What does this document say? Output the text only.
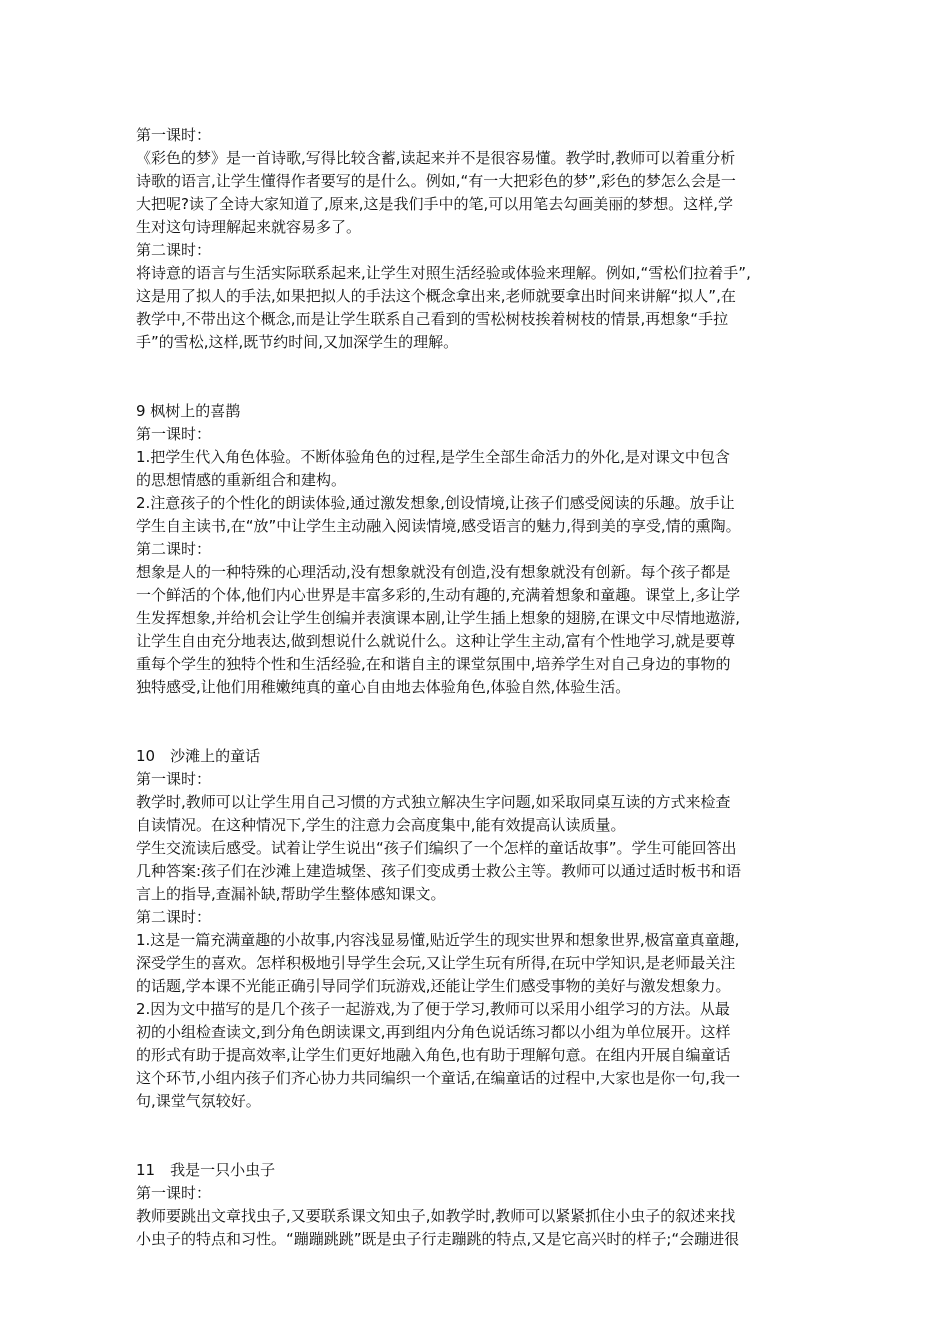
第一课时：
《彩色的梦》是一首诗歌,写得比较含蓄,读起来并不是很容易懂。教学时,教师可以着重分析
诗歌的语言,让学生懂得作者要写的是什么。例如,“有一大把彩色的梦”,彩色的梦怎么会是一
大把呢?读了全诗大家知道了,原来,这是我们手中的笔,可以用笔去勾画美丽的梦想。这样,学
生对这句诗理解起来就容易多了。
第二课时：
将诗意的语言与生活实际联系起来,让学生对照生活经验或体验来理解。例如,“雪松们拉着手”,
这是用了拟人的手法,如果把拟人的手法这个概念拿出来,老师就要拿出时间来讲解“拟人”,在
教学中,不带出这个概念,而是让学生联系自己看到的雪松树枝挨着树枝的情景,再想象“手拉
手”的雪松,这样,既节约时间,又加深学生的理解。
9 枫树上的喜鹊
第一课时：
1.把学生代入角色体验。不断体验角色的过程,是学生全部生命活力的外化,是对课文中包含
的思想情感的重新组合和建构。
2.注意孩子的个性化的朗读体验,通过激发想象,创设情境,让孩子们感受阅读的乐趣。放手让
学生自主读书,在“放”中让学生主动融入阅读情境,感受语言的魅力,得到美的享受,情的熏陶。
第二课时：
想象是人的一种特殊的心理活动,没有想象就没有创造,没有想象就没有创新。每个孩子都是
一个鲜活的个体,他们内心世界是丰富多彩的,生动有趣的,充满着想象和童趣。课堂上,多让学
生发挥想象,并给机会让学生创编并表演课本剧,让学生插上想象的翅膀,在课文中尽情地遨游,
让学生自由充分地表达,做到想说什么就说什么。这种让学生主动,富有个性地学习,就是要尊
重每个学生的独特个性和生活经验,在和谐自主的课堂氛围中,培养学生对自己身边的事物的
独特感受,让他们用稚嫩纯真的童心自由地去体验角色,体验自然,体验生活。
10　沙滩上的童话
第一课时：
教学时,教师可以让学生用自己习惯的方式独立解决生字问题,如采取同桌互读的方式来检查
自读情况。在这种情况下,学生的注意力会高度集中,能有效提高认读质量。
学生交流读后感受。试着让学生说出“孩子们编织了一个怎样的童话故事”。学生可能回答出
几种答案:孩子们在沙滩上建造城堡、孩子们变成勇士救公主等。教师可以通过适时板书和语
言上的指导,查漏补缺,帮助学生整体感知课文。
第二课时：
1.这是一篇充满童趣的小故事,内容浅显易懂,贴近学生的现实世界和想象世界,极富童真童趣,
深受学生的喜欢。怎样积极地引导学生会玩,又让学生玩有所得,在玩中学知识,是老师最关注
的话题,学本课不光能正确引导同学们玩游戏,还能让学生们感受事物的美好与激发想象力。
2.因为文中描写的是几个孩子一起游戏,为了便于学习,教师可以采用小组学习的方法。从最
初的小组检查读文,到分角色朗读课文,再到组内分角色说话练习都以小组为单位展开。这样
的形式有助于提高效率,让学生们更好地融入角色,也有助于理解句意。在组内开展自编童话
这个环节,小组内孩子们齐心协力共同编织一个童话,在编童话的过程中,大家也是你一句,我一
句,课堂气氛较好。
11　我是一只小虫子
第一课时：
教师要跳出文章找虫子,又要联系课文知虫子,如教学时,教师可以紧紧抓住小虫子的叙述来找
小虫子的特点和习性。“蹦蹦跳跳”既是虫子行走蹦跳的特点,又是它高兴时的样子;“会蹦进很
